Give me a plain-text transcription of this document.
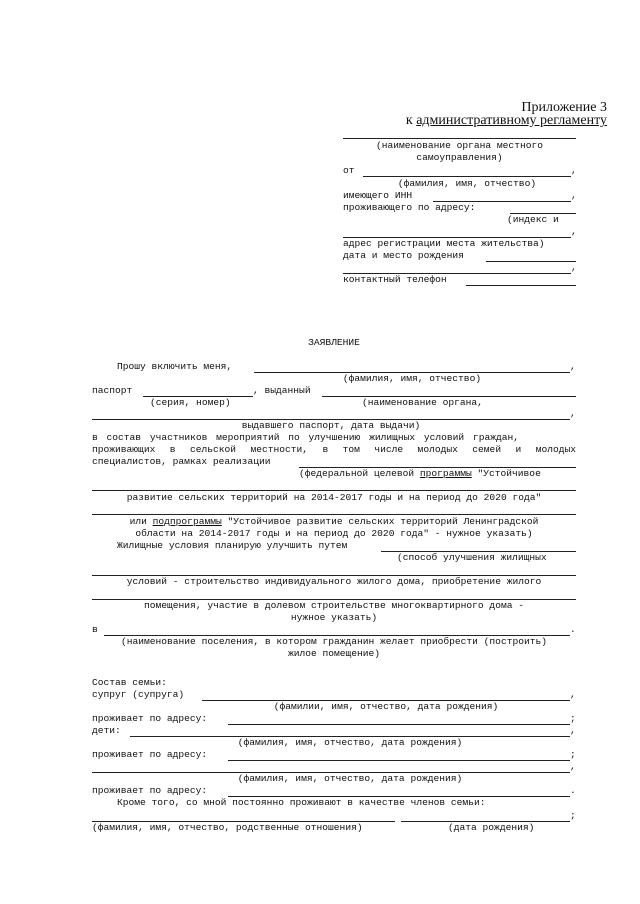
Приложение 3
к административному регламенту
(наименование органа местного
самоуправления)
от	,
(фамилия, имя, отчество)
имеющего ИНН	,
проживающего по адресу:
(индекс и
,
адрес регистрации места жительства)
дата и место рождения
,
контактный телефон
ЗАЯВЛЕНИЕ
Прошу включить меня,	,
(фамилия, имя, отчество)
паспорт	, выданный
(серия, номер)	(наименование органа,
,
выдавшего паспорт, дата выдачи)
в состав участников мероприятий по улучшению жилищных условий граждан,
проживающих в сельской местности, в том числе молодых семей и молодых
специалистов, рамках реализации
(федеральной целевой программы "Устойчивое
развитие сельских территорий на 2014-2017 годы и на период до 2020 года"
или подпрограммы "Устойчивое развитие сельских территорий Ленинградской
области на 2014-2017 годы и на период до 2020 года" - нужное указать)
Жилищные условия планирую улучшить путем
(способ улучшения жилищных
условий - строительство индивидуального жилого дома, приобретение жилого
помещения, участие в долевом строительстве многоквартирного дома -
нужное указать)
в	.
(наименование поселения, в котором гражданин желает приобрести (построить)
жилое помещение)
Состав семьи:
супруг (супруга)	,
(фамилии, имя, отчество, дата рождения)
проживает по адресу:	;
дети:	,
(фамилия, имя, отчество, дата рождения)
проживает по адресу:	;
,
(фамилия, имя, отчество, дата рождения)
проживает по адресу:	.
Кроме того, со мной постоянно проживают в качестве членов семьи:
;
(фамилия, имя, отчество, родственные отношения)	(дата рождения)
